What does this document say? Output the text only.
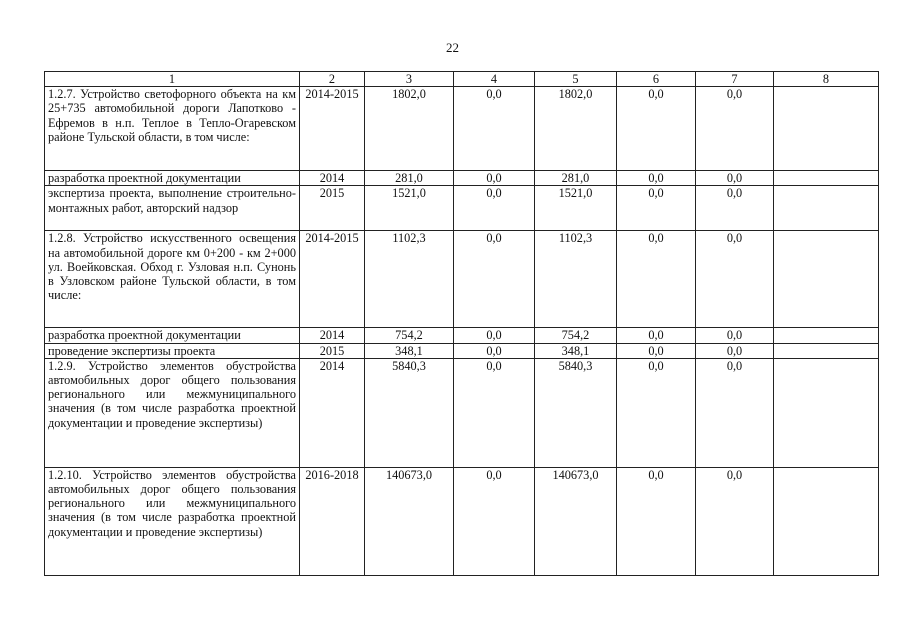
22
1	2	3	4	5	6	7	8
1.2.7. Устройство светофорного объекта на км 25+735 автомобильной дороги Лапотково - Ефремов в н.п. Теплое в Тепло-Огаревском районе Тульской области, в том числе:	2014-2015	1802,0	0,0	1802,0	0,0	0,0	
разработка проектной документации	2014	281,0	0,0	281,0	0,0	0,0	
экспертиза проекта, выполнение строительно-монтажных работ, авторский надзор	2015	1521,0	0,0	1521,0	0,0	0,0	
1.2.8. Устройство искусственного освещения на автомобильной дороге км 0+200 - км 2+000 ул. Воейковская. Обход г. Узловая н.п. Сунонь в Узловском районе Тульской области, в том числе:	2014-2015	1102,3	0,0	1102,3	0,0	0,0	
разработка проектной документации	2014	754,2	0,0	754,2	0,0	0,0	
проведение экспертизы проекта	2015	348,1	0,0	348,1	0,0	0,0	
1.2.9. Устройство элементов обустройства автомобильных дорог общего пользования регионального или межмуниципального значения (в том числе разработка проектной документации и проведение экспертизы)	2014	5840,3	0,0	5840,3	0,0	0,0	
1.2.10. Устройство элементов обустройства автомобильных дорог общего пользования регионального или межмуниципального значения (в том числе разработка проектной документации и проведение экспертизы)	2016-2018	140673,0	0,0	140673,0	0,0	0,0	
